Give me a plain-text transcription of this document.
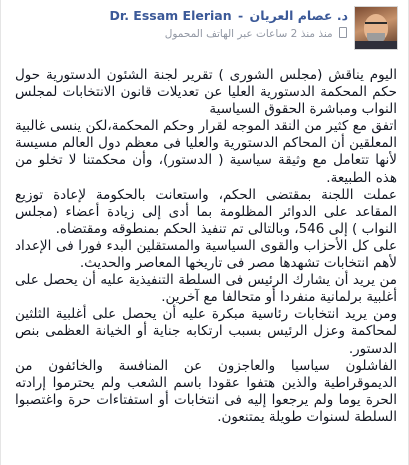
Dr. Essam Elerian - د. عصام العريان
منذ منذ 2 ساعات عبر الهاتف المحمول

اليوم يناقش (مجلس الشورى ) تقرير لجنة الشئون الدستورية حول حكم المحكمة الدستورية العليا عن تعديلات قانون الانتخابات لمجلس النواب ومباشرة الحقوق السياسية

اتفق مع كثير من النقد الموجه لقرار وحكم المحكمة،لكن ينسى غالبية المعلقين أن المحاكم الدستورية والعليا فى معظم دول العالم مسيسة لأنها تتعامل مع وثيقة سياسية ( الدستور)، وأن محكمتنا لا تخلو من هذه الطبيعة.

عملت اللجنة بمقتضى الحكم، واستعانت بالحكومة لإعادة توزيع المقاعد على الدوائر المظلومة بما أدى إلى زيادة أعضاء (مجلس النواب ) إلى 546، وبالتالى تم تنفيذ الحكم بمنطوقه ومقتضاه.

على كل الأحزاب والقوى السياسية والمستقلين البدء فورا فى الإعداد لأهم انتخابات تشهدها مصر فى تاريخها المعاصر والحديث.

من يريد أن يشارك الرئيس فى السلطة التنفيذية عليه أن يحصل على أغلبية برلمانية منفردا أو متحالفا مع آخرين.

ومن يريد انتخابات رئاسية مبكرة عليه أن يحصل على أغلبية الثلثين لمحاكمة وعزل الرئيس بسبب ارتكابه جناية أو الخيانة العظمى بنص الدستور.

الفاشلون سياسيا والعاجزون عن المنافسة والخائفون من الديموقراطية والذين هتفوا عقودا باسم الشعب ولم يحترموا إرادته الحرة يوما ولم يرجعوا إليه فى انتخابات أو استفتاءات حرة واغتصبوا السلطة لسنوات طويلة يمتنعون.
